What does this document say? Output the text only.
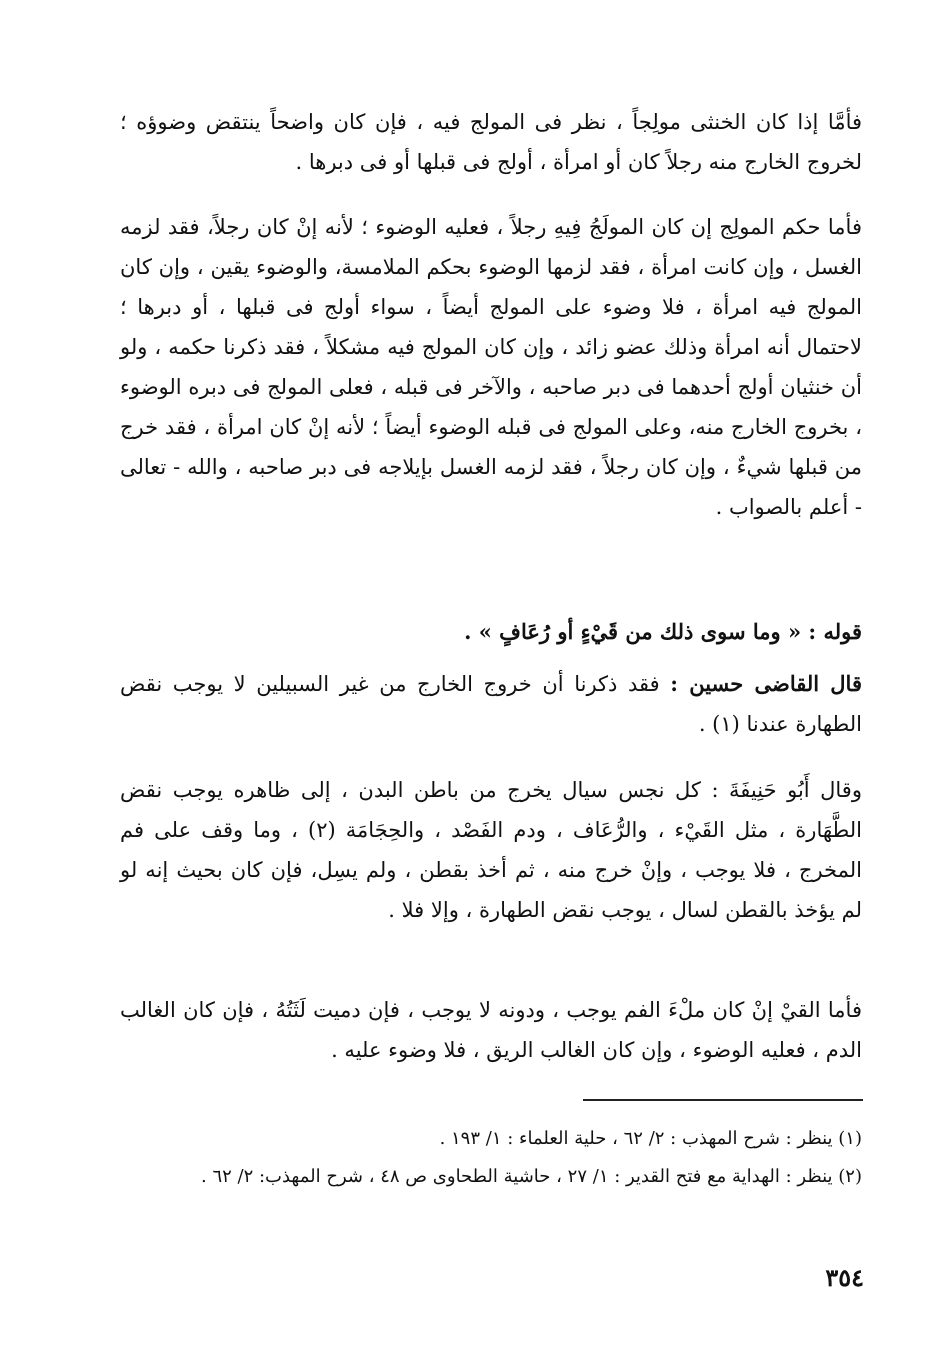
فأمَّا إذا كان الخنثى مولِجاً ، نظر فى المولج فيه ، فإن كان واضحاً ينتقض وضوؤه ؛ لخروج الخارج منه رجلاً كان أو امرأة ، أولج فى قبلها أو فى دبرها .

فأما حكم المولِج إن كان المولَجُ فِيهِ رجلاً ، فعليه الوضوء ؛ لأنه إنْ كان رجلاً، فقد لزمه الغسل ، وإن كانت امرأة ، فقد لزمها الوضوء بحكم الملامسة، والوضوء يقين ، وإن كان المولج فيه امرأة ، فلا وضوء على المولج أيضاً ، سواء أولج فى قبلها ، أو دبرها ؛ لاحتمال أنه امرأة وذلك عضو زائد ، وإن كان المولج فيه مشكلاً ، فقد ذكرنا حكمه ، ولو أن خنثيان أولج أحدهما فى دبر صاحبه ، والآخر فى قبله ، فعلى المولج فى دبره الوضوء ، بخروج الخارج منه، وعلى المولج فى قبله الوضوء أيضاً ؛ لأنه إنْ كان امرأة ، فقد خرج من قبلها شيءٌ ، وإن كان رجلاً ، فقد لزمه الغسل بإيلاجه فى دبر صاحبه ، والله - تعالى - أعلم بالصواب .

قوله : « وما سوى ذلك من قَيْءٍ أو رُعَافٍ » .

قال القاضى حسين : فقد ذكرنا أن خروج الخارج من غير السبيلين لا يوجب نقض الطهارة عندنا (١) .

وقال أَبُو حَنِيفَةَ : كل نجس سيال يخرج من باطن البدن ، إلى ظاهره يوجب نقض الطَّهَارة ، مثل القَيْء ، والرُّعَاف ، ودم الفَصْد ، والحِجَامَة (٢) ، وما وقف على فم المخرج ، فلا يوجب ، وإنْ خرج منه ، ثم أخذ بقطن ، ولم يسِل، فإن كان بحيث إنه لو لم يؤخذ بالقطن لسال ، يوجب نقض الطهارة ، وإلا فلا .

فأما القيْ إنْ كان ملْءَ الفم يوجب ، ودونه لا يوجب ، فإن دميت لَثَتُهُ ، فإن كان الغالب الدم ، فعليه الوضوء ، وإن كان الغالب الريق ، فلا وضوء عليه .

(١) ينظر : شرح المهذب : ٢/ ٦٢ ، حلية العلماء : ١/ ١٩٣ .

(٢) ينظر : الهداية مع فتح القدير : ١/ ٢٧ ، حاشية الطحاوى ص ٤٨ ، شرح المهذب: ٢/ ٦٢ .

٣٥٤
